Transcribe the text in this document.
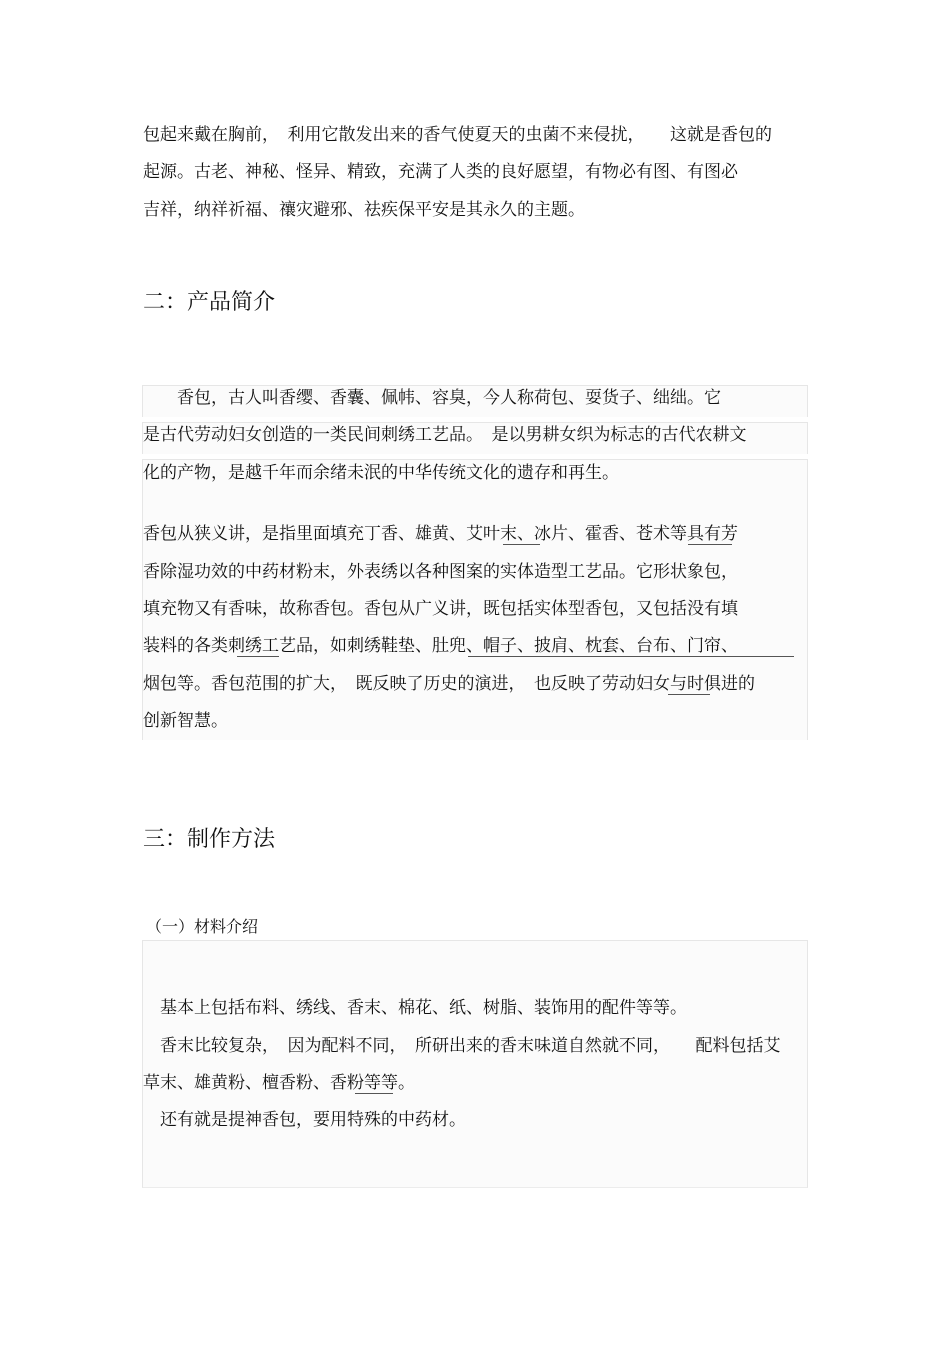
包起来戴在胸前，　利用它散发出来的香气使夏天的虫菌不来侵扰，　　这就是香包的

起源。古老、神秘、怪异、精致，充满了人类的良好愿望，有物必有图、有图必

吉祥，纳祥祈福、禳灾避邪、祛疾保平安是其永久的主题。

二：产品简介

　　香包，古人叫香缨、香囊、佩帏、容臭，今人称荷包、耍货子、绌绌。它

是古代劳动妇女创造的一类民间刺绣工艺品。　是以男耕女织为标志的古代农耕文

化的产物，是越千年而余绪未泯的中华传统文化的遗存和再生。

香包从狭义讲，是指里面填充丁香、雄黄、艾叶末、冰片、霍香、苍术等具有芳

香除湿功效的中药材粉末，外表绣以各种图案的实体造型工艺品。它形状象包，

填充物又有香味，故称香包。香包从广义讲，既包括实体型香包，又包括没有填

装料的各类刺绣工艺品，如刺绣鞋垫、肚兜、帽子、披肩、枕套、台布、门帘、

烟包等。香包范围的扩大，　既反映了历史的演进，　也反映了劳动妇女与时俱进的

创新智慧。

三：制作方法

（一）材料介绍

　基本上包括布料、绣线、香末、棉花、纸、树脂、装饰用的配件等等。

　香末比较复杂，　因为配料不同，　所研出来的香末味道自然就不同，　　配料包括艾

草末、雄黄粉、檀香粉、香粉等等。

　还有就是提神香包，要用特殊的中药材。
